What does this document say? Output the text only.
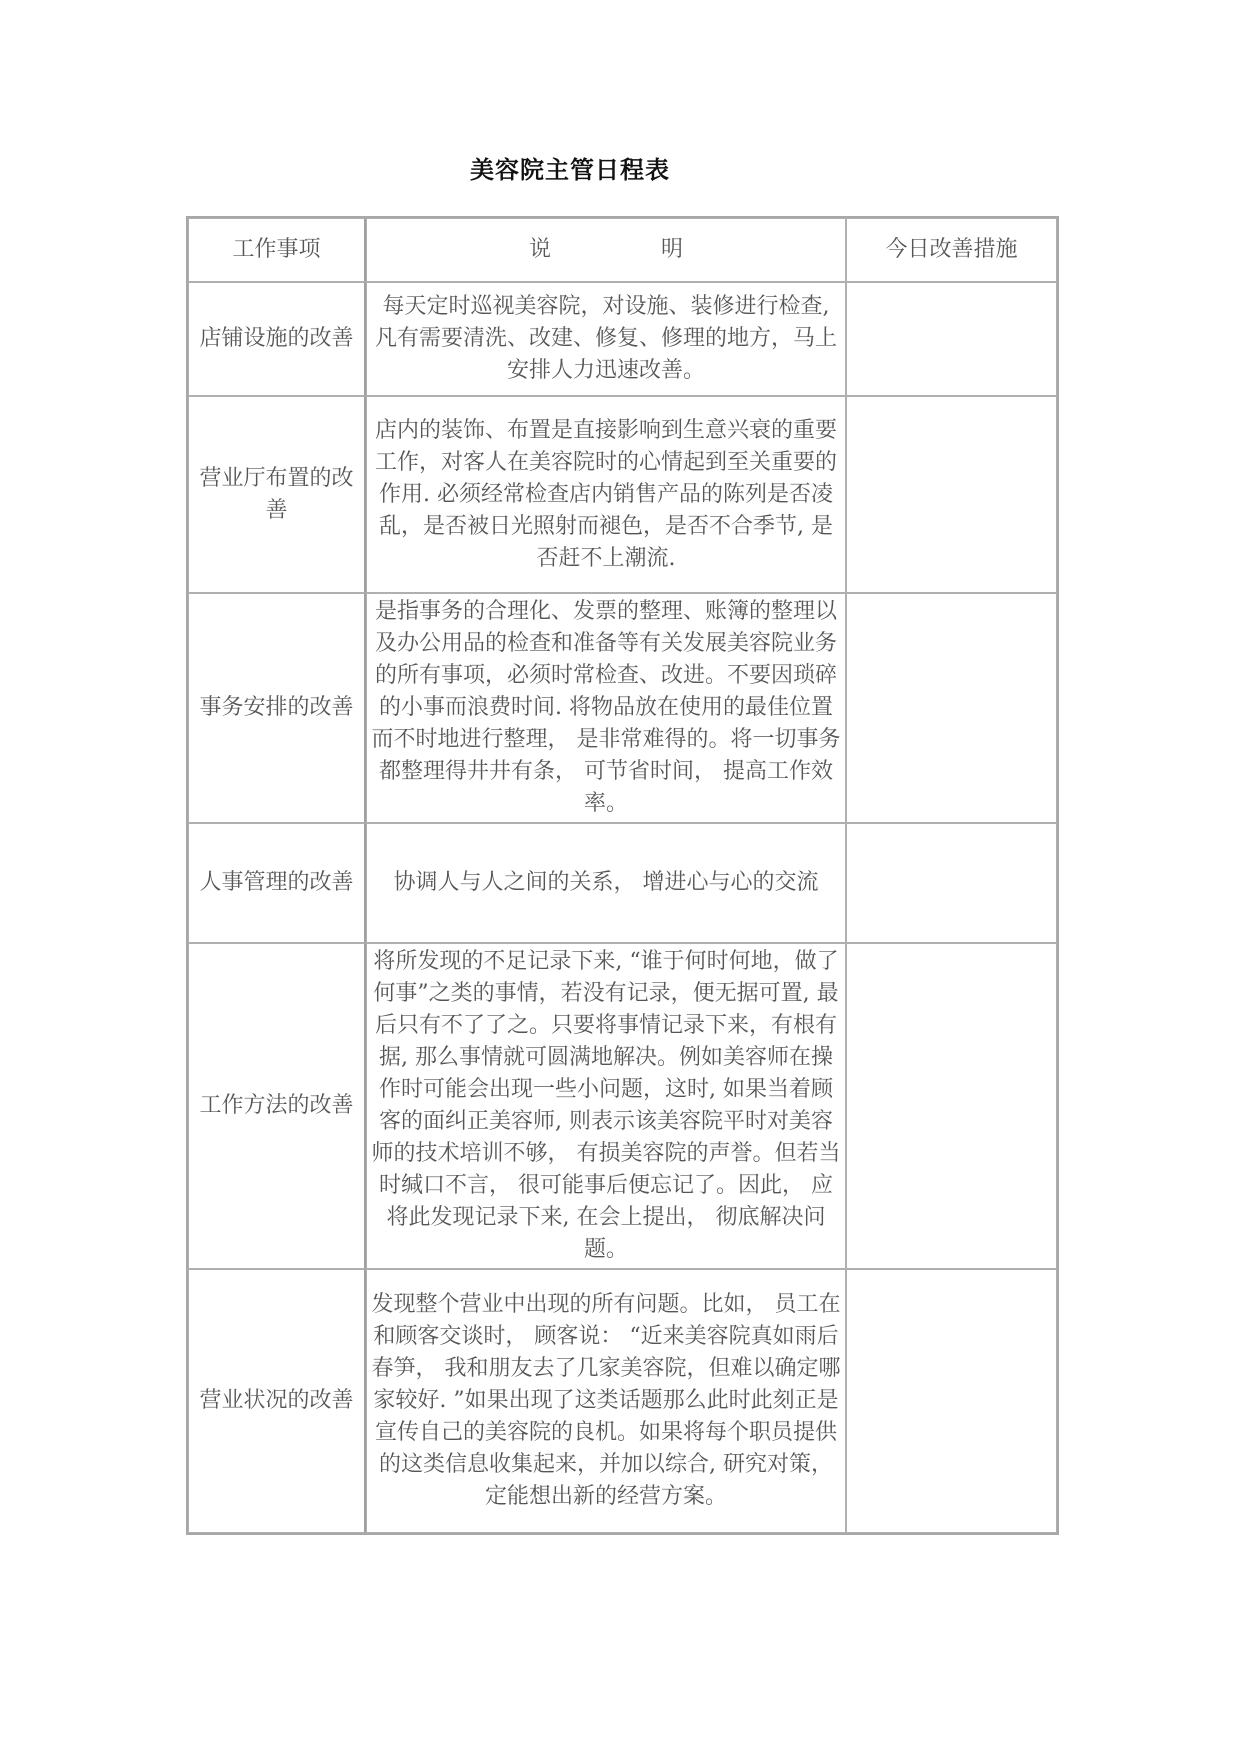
美容院主管日程表
工作事项	说 明	今日改善措施
店铺设施的改善	每天定时巡视美容院，对设施、装修进行检查, 凡有需要清洗、改建、修复、修理的地方，马上安排人力迅速改善。	
营业厅布置的改善	店内的装饰、布置是直接影响到生意兴衰的重要工作，对客人在美容院时的心情起到至关重要的作用. 必须经常检查店内销售产品的陈列是否凌乱，是否被日光照射而褪色，是否不合季节, 是否赶不上潮流.	
事务安排的改善	是指事务的合理化、发票的整理、账簿的整理以及办公用品的检查和准备等有关发展美容院业务的所有事项，必须时常检查、改进。不要因琐碎的小事而浪费时间. 将物品放在使用的最佳位置而不时地进行整理， 是非常难得的。将一切事务都整理得井井有条， 可节省时间， 提高工作效率。	
人事管理的改善	协调人与人之间的关系， 增进心与心的交流	
工作方法的改善	将所发现的不足记录下来, “谁于何时何地，做了何事”之类的事情，若没有记录，便无据可置, 最后只有不了了之。只要将事情记录下来，有根有据, 那么事情就可圆满地解决。例如美容师在操作时可能会出现一些小问题，这时, 如果当着顾客的面纠正美容师, 则表示该美容院平时对美容师的技术培训不够， 有损美容院的声誉。但若当时缄口不言， 很可能事后便忘记了。因此， 应将此发现记录下来, 在会上提出， 彻底解决问题。	
营业状况的改善	发现整个营业中出现的所有问题。比如， 员工在和顾客交谈时， 顾客说： “近来美容院真如雨后春笋， 我和朋友去了几家美容院，但难以确定哪家较好. ”如果出现了这类话题那么此时此刻正是宣传自己的美容院的良机。如果将每个职员提供的这类信息收集起来，并加以综合, 研究对策， 定能想出新的经营方案。	
